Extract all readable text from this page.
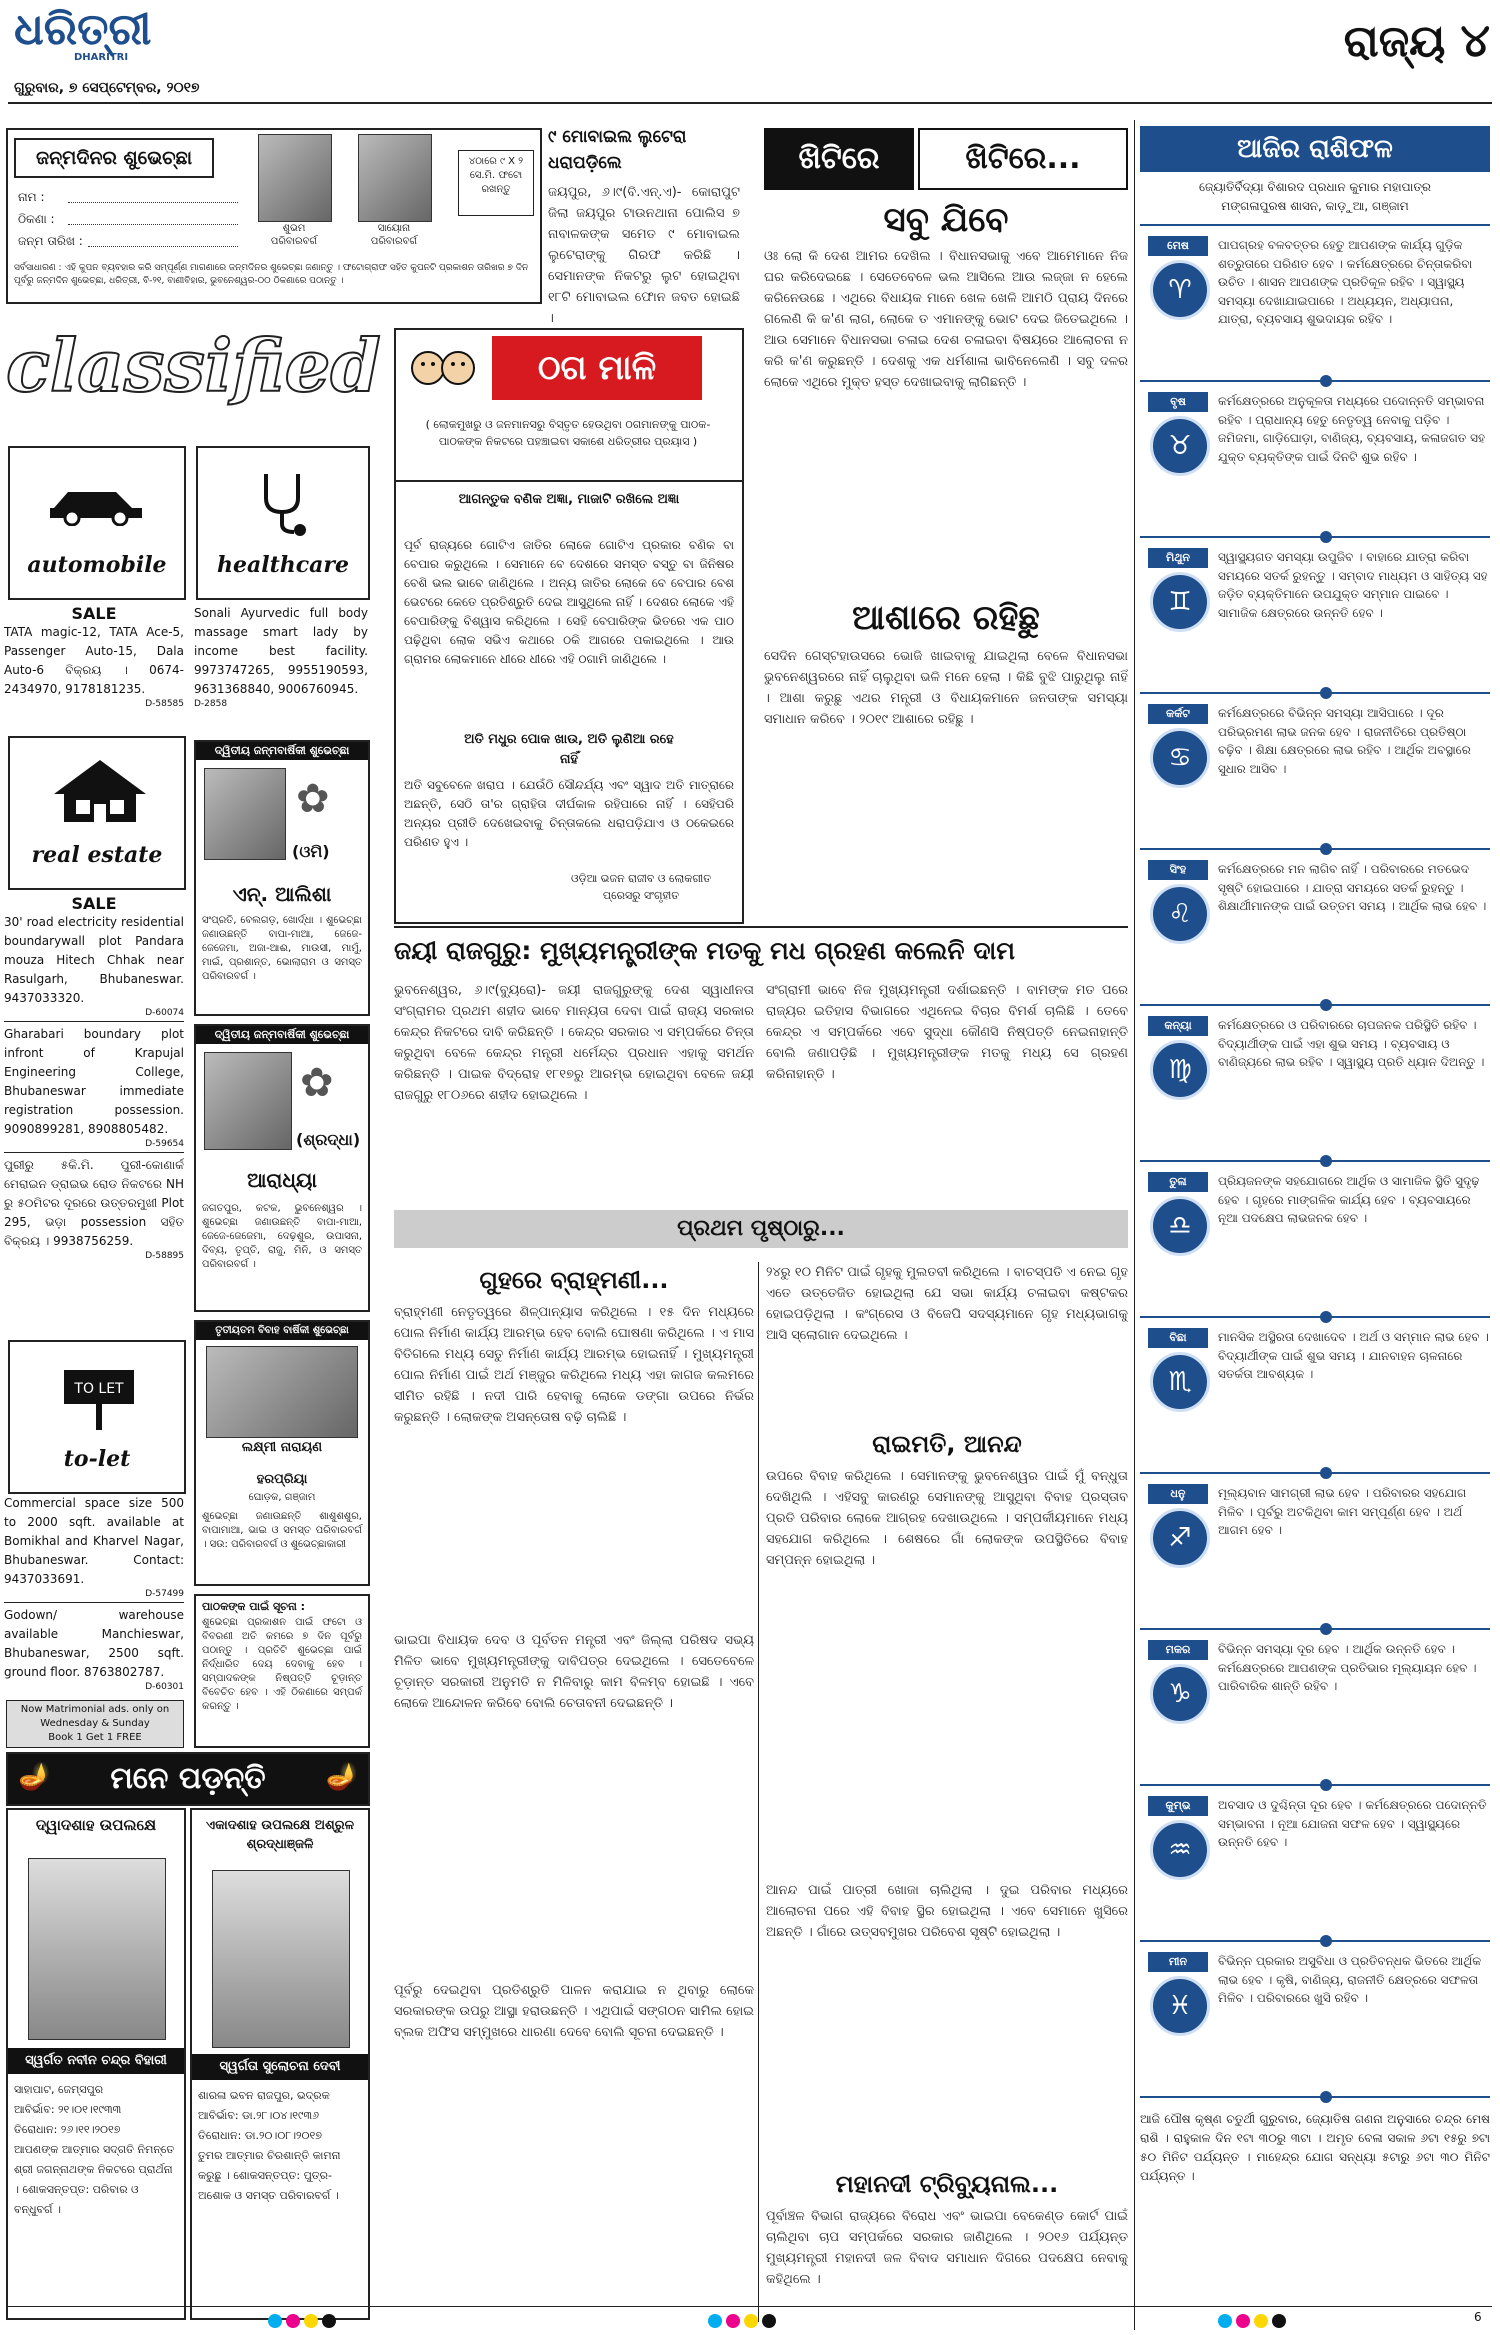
ଧରିତ୍ରୀ
DHARITRI
ଗୁରୁବାର, ୭ ସେପ୍ଟେମ୍ବର, ୨୦୧୭
ରାଜ୍ୟ ୪
ଜନ୍ମଦିନର ଶୁଭେଚ୍ଛା
ନାମ :
ଠିକଣା :
ଜନ୍ମ ତାରିଖ :
ଶୁଭମ
ପରିବାରବର୍ଗ
ସାୟୋନା
ପରିବାରବର୍ଗ
୪ଠାରେ ୯ X ୨ ସେ.ମି. ଫଟୋ ରଖନ୍ତୁ
ସର୍ବସାଧାରଣ : ଏହି କୁପନ ବ୍ୟବହାର କରି ସମ୍ପୂର୍ଣ୍ଣ ମାଗଣାରେ ଜନ୍ମଦିନର ଶୁଭେଚ୍ଛା ଜଣାନ୍ତୁ । ଫଟୋଗ୍ରାଫ ସହିତ କୁପନଟି ପ୍ରକାଶନ ତାରିଖର ୭ ଦିନ ପୂର୍ବରୁ ଜନ୍ମଦିନ ଶୁଭେଚ୍ଛା, ଧରିତ୍ରୀ, ବି-୨୧, ବାଣୀବିହାର, ଭୁବନେଶ୍ୱର-୦୦ ଠିକଣାରେ ପଠାନ୍ତୁ ।
୯ ମୋବାଇଲ ଲୁଟେରା ଧରାପଡ଼ିଲେ
ଜୟପୁର, ୬।୯(ବି.ଏନ୍.ଏ)- କୋରାପୁଟ ଜିଲା ଜୟପୁର ଟାଉନଥାନା ପୋଲିସ ୭ ନାବାଳକଙ୍କ ସମେତ ୯ ମୋବାଇଲ ଲୁଟେରାଙ୍କୁ ଗିରଫ କରିଛି । ସେମାନଙ୍କ ନିକଟରୁ ଲୁଟ ହୋଇଥିବା ୧୮ଟି ମୋବାଇଲ ଫୋନ ଜବତ ହୋଇଛି ।
classified
automobile	healthcare
SALE
TATA magic-12, TATA Ace-5, Passenger Auto-15, Dala Auto-6 ବିକ୍ରୟ । 0674-2434970, 9178181235.
D-58585
Sonali Ayurvedic full body massage smart lady by income best facility. 9973747265, 9955190593, 9631368840, 9006760945.
D-2858
real estate
SALE
30' road electricity residential boundarywall plot Pandara mouza Hitech Chhak near Rasulgarh, Bhubaneswar. 9437033320.
D-60074
Gharabari boundary plot infront of Krapujal Engineering College, Bhubaneswar immediate registration possession. 9090899281, 8908805482.
D-59654
ପୁରୀରୁ ୫କି.ମି. ପୁରୀ-କୋଣାର୍କ ମେରାଇନ ଡ୍ରାଇଭ ରୋଡ ନିକଟରେ NH ରୁ ୫୦ମିଟର ଦୂରରେ ଉତ୍ତରମୁଖୀ Plot 295, ଭଡ଼ା possession ସହିତ ବିକ୍ରୟ । 9938756259.
D-58895
TO LET
to-let
Commercial space size 500 to 2000 sqft. available at Bomikhal and Kharvel Nagar, Bhubaneswar. Contact: 9437033691.
D-57499
Godown/ warehouse available Manchieswar, Bhubaneswar, 2500 sqft. ground floor. 8763802787.
D-60301
Now Matrimonial ads. only on Wednesday & Sunday
Book 1 Get 1 FREE
ଦ୍ୱିତୀୟ ଜନ୍ମବାର୍ଷିକୀ ଶୁଭେଚ୍ଛା
✿
(ଓମି)
ଏନ୍. ଆଲିଶା
ସଂପ୍ରତି, ବେଲଗଡ଼, ଖୋର୍ଦ୍ଧା । ଶୁଭେଚ୍ଛା ଜଣାଉଛନ୍ତି ବାପା-ମାଆ, ଜେଜେ-ଜେଜେମା, ଅଜା-ଆଈ, ମାଉସୀ, ମାମୁଁ, ମାଇଁ, ପ୍ରଶାନ୍ତ, ଭୋଲାରାମ ଓ ସମସ୍ତ ପରିବାରବର୍ଗ ।
ଦ୍ୱିତୀୟ ଜନ୍ମବାର୍ଷିକୀ ଶୁଭେଚ୍ଛା
✿
(ଶ୍ରଦ୍ଧା)
ଆରାଧ୍ୟା
ଜଗତପୁର, କଟକ, ଭୁବନେଶ୍ୱର । ଶୁଭେଚ୍ଛା ଜଣାଉଛନ୍ତି ବାପା-ମାଆ, ଜେଜେ-ଜେଜେମା, ଦେଢ଼ଶୁର, ଉପାସନା, ଦିବ୍ୟ, ତୃପ୍ତି, ରାଜୁ, ମିନି, ଓ ସମସ୍ତ ପରିବାରବର୍ଗ ।
ତୃତୀୟତମ ବିବାହ ବାର୍ଷିକୀ ଶୁଭେଚ୍ଛା
ଲକ୍ଷ୍ମୀ ନାରାୟଣ
ହରପ୍ରିୟା
ଘୋଡ଼କ, ଗଞ୍ଜାମ
ଶୁଭେଚ୍ଛା ଜଣାଉଛନ୍ତି ଶାଶୁଶଶୁର, ବାପାମାଆ, ଭାଇ ଓ ସମସ୍ତ ପରିବାରବର୍ଗ । ସଉ: ପରିବାରବର୍ଗ ଓ ଶୁଭେଚ୍ଛାକାରୀ
ପାଠକଙ୍କ ପାଇଁ ସୂଚନା :
ଶୁଭେଚ୍ଛା ପ୍ରକାଶନ ପାଇଁ ଫଟୋ ଓ ବିବରଣୀ ଅତି କମରେ ୭ ଦିନ ପୂର୍ବରୁ ପଠାନ୍ତୁ । ପ୍ରତିଟି ଶୁଭେଚ୍ଛା ପାଇଁ ନିର୍ଦ୍ଧାରିତ ଦେୟ ଦେବାକୁ ହେବ । ସମ୍ପାଦକଙ୍କ ନିଷ୍ପତ୍ତି ଚୂଡ଼ାନ୍ତ ବିବେଚିତ ହେବ । ଏହି ଠିକଣାରେ ସମ୍ପର୍କ କରନ୍ତୁ ।
🪔	ମନେ ପଡ଼ନ୍ତି	🪔
ଦ୍ୱାଦଶାହ ଉପଲକ୍ଷେ
ସ୍ୱର୍ଗତ ନବୀନ ଚନ୍ଦ୍ର ବିହାରୀ
ସାହାପାଟ, ଜେମ୍ସପୁର
ଆବିର୍ଭାବ: ୨୧।୦୧।୧୯୩୩
ତିରୋଧାନ: ୨୬।୧୧।୨୦୧୭
ଆପଣଙ୍କ ଆତ୍ମାର ସଦ୍‌ଗତି ନିମନ୍ତେ ଶ୍ରୀ ଜଗନ୍ନାଥଙ୍କ ନିକଟରେ ପ୍ରାର୍ଥନା । ଶୋକସନ୍ତପ୍ତ: ପରିବାର ଓ ବନ୍ଧୁବର୍ଗ ।
ଏକାଦଶାହ ଉପଲକ୍ଷେ ଅଶ୍ରୁଳ ଶ୍ରଦ୍ଧାଞ୍ଜଳି
ସ୍ୱର୍ଗତା ସୁଲୋଚନା ଦେବୀ
ଶାରଳା ଭବନ ରାଜପୁର, ଭଦ୍ରକ
ଆବିର୍ଭାବ: ଡା.୨୮।୦୪।୧୯୩୬
ତିରୋଧାନ: ଡା.୨୦।୦୮।୨୦୧୭
ତୁମର ଆତ୍ମାର ଚିରଶାନ୍ତି କାମନା କରୁଛୁ । ଶୋକସନ୍ତପ୍ତ: ପୁତ୍ର-ଅଶୋକ ଓ ସମସ୍ତ ପରିବାରବର୍ଗ ।
ଠଗ ମାଳି
( ଲୋକମୁଖରୁ ଓ ଜନମାନସରୁ ବିସ୍ତୃତ ହେଉଥିବା ଠଗମାନଙ୍କୁ ପାଠକ-ପାଠକଙ୍କ ନିକଟରେ ପହଞ୍ଚାଇବା ସକାଶେ ଧରିତ୍ରୀର ପ୍ରୟାସ )
ଆଗନ୍ତୁକ ବଣିକ ଅଜ୍ଞା, ମାଜାଟି ରଖିଲେ ଅଜ୍ଞା
ପୂର୍ବ ରାଜ୍ୟରେ ଗୋଟିଏ ଜାତିର ଲୋକେ ଗୋଟିଏ ପ୍ରକାର ବଣିକ ବା ବେପାର କରୁଥିଲେ । ସେମାନେ ବେ ଦେଶରେ ସମସ୍ତ ବସ୍ତୁ ବା ଜିନିଷର ବେଶି ଭଲ ଭାବେ ଜାଣିଥିଲେ । ଅନ୍ୟ ଜାତିର ଲୋକେ ବେ ବେପାର ବେଶ ଭେଟରେ କେତେ ପ୍ରତିଶ୍ରୁତି ଦେଇ ଆସୁଥିଲେ ନାହିଁ । ଦେଶର ଲୋକେ ଏହି ବେପାରିଙ୍କୁ ବିଶ୍ୱାସ କରିଥିଲେ । ସେହି ବେପାରିଙ୍କ ଭିତରେ ଏକ ପାଠ ପଢ଼ିଥିବା ଲୋକ ସଭିଏ କଥାରେ ଠକି ଆଗରେ ପକାଇଥିଲେ । ଆଉ ଗ୍ରାମର ଲୋକମାନେ ଧୀରେ ଧୀରେ ଏହି ଠଗାମି ଜାଣିଥିଲେ ।
ଅତି ମଧୁର ପୋକ ଖାଉ, ଅତି ଲୁଣିଆ ରହେ ନାହିଁ
ଅତି ସବୁବେଳେ ଖରାପ । ଯେଉଁଠି ସୌନ୍ଦର୍ଯ୍ୟ ଏବଂ ସ୍ୱାଦ ଅତି ମାତ୍ରାରେ ଅଛନ୍ତି, ସେଠି ତା'ର ଗ୍ରାହିତା ଦୀର୍ଘକାଳ ରହିପାରେ ନାହିଁ । ସେହିପରି ଅନ୍ୟର ପ୍ରୀତି ଦେଖେଇବାକୁ ଚିନ୍ତାକଲେ ଧରାପଡ଼ିଯାଏ ଓ ଠକେଇରେ ପରିଣତ ହୁଏ ।
ଓଡ଼ିଆ ଭଜନ ରାଜୀବ ଓ ଲୋକଗୀତ
ପ୍ରେସରୁ ସଂଗୃହୀତ
ଖିଟିରେ	ଖିଟିରେ...
ସବୁ ଯିବେ
ଓଃ ଲୋ କି ଦେଶ ଆମର ଦେଖିଲ । ବିଧାନସଭାକୁ ଏବେ ଆମେମାନେ ନିଜ ଘର କରିଦେଇଛେ । ସେତେବେଳେ ଭଲ ଆସିଲେ ଆଉ ଲଜ୍ଜା ନ ହେଲେ କରିନେଉଛେ । ଏଥିରେ ବିଧାୟକ ମାନେ ଖେଳ ଖେଳି ଆମଠି ପ୍ରାୟ ଦିନରେ ଗଲେଣି କି କ'ଣ ଲାଗ, ଲୋକେ ତ ଏମାନଙ୍କୁ ଭୋଟ ଦେଇ ଜିତେଇଥିଲେ । ଆଉ ସେମାନେ ବିଧାନସଭା ଚଳାଇ ଦେଶ ଚଳାଇବା ବିଷୟରେ ଆଲୋଚନା ନ କରି କ'ଣ କରୁଛନ୍ତି । ଦେଶକୁ ଏକ ଧର୍ମଶାଳା ଭାବିନେଲେଣି । ସବୁ ଦଳର ଲୋକେ ଏଥିରେ ମୁକ୍ତ ହସ୍ତ ଦେଖାଇବାକୁ ଲାଗିଛନ୍ତି ।
ଆଶାରେ ରହିଛୁ
ସେଦିନ ଗେସ୍ଟହାଉସରେ ଭୋଜି ଖାଇବାକୁ ଯାଇଥିଲା ବେଳେ ବିଧାନସଭା ଭୁବନେଶ୍ୱରରେ ନାହିଁ ଚାଲୁଥିବା ଭଳି ମନେ ହେଲା । କିଛି ବୁଝି ପାରୁଥିଲୁ ନାହିଁ । ଆଶା କରୁଛୁ ଏଥର ମନ୍ତ୍ରୀ ଓ ବିଧାୟକମାନେ ଜନତାଙ୍କ ସମସ୍ୟା ସମାଧାନ କରିବେ । ୨୦୧୯ ଆଶାରେ ରହିଛୁ ।
ଜୟୀ ରାଜଗୁରୁ: ମୁଖ୍ୟମନ୍ତ୍ରୀଙ୍କ ମତକୁ ମଧ ଗ୍ରହଣ କଲେନି ଦାମ
ଭୁବନେଶ୍ୱର, ୬।୯(ବ୍ୟୁରୋ)- ଜୟୀ ରାଜଗୁରୁଙ୍କୁ ଦେଶ ସ୍ୱାଧୀନତା ସଂଗ୍ରାମର ପ୍ରଥମ ଶହୀଦ ଭାବେ ମାନ୍ୟତା ଦେବା ପାଇଁ ରାଜ୍ୟ ସରକାର କେନ୍ଦ୍ର ନିକଟରେ ଦାବି କରିଛନ୍ତି । କେନ୍ଦ୍ର ସରକାର ଏ ସମ୍ପର୍କରେ ଚିନ୍ତା କରୁଥିବା ବେଳେ କେନ୍ଦ୍ର ମନ୍ତ୍ରୀ ଧର୍ମେନ୍ଦ୍ର ପ୍ରଧାନ ଏହାକୁ ସମର୍ଥନ କରିଛନ୍ତି । ପାଇକ ବିଦ୍ରୋହ ୧୮୧୭ରୁ ଆରମ୍ଭ ହୋଇଥିବା ବେଳେ ଜୟୀ ରାଜଗୁରୁ ୧୮୦୬ରେ ଶହୀଦ ହୋଇଥିଲେ ।
ସଂଗ୍ରାମୀ ଭାବେ ନିଜ ମୁଖ୍ୟମନ୍ତ୍ରୀ ଦର୍ଶାଇଛନ୍ତି । ବାମଙ୍କ ମତ ପରେ ରାଜ୍ୟର ଇତିହାସ ବିଭାଗରେ ଏଥିନେଇ ବିଚାର ବିମର୍ଶ ଚାଲିଛି । ତେବେ କେନ୍ଦ୍ର ଏ ସମ୍ପର୍କରେ ଏବେ ସୁଦ୍ଧା କୌଣସି ନିଷ୍ପତ୍ତି ନେଇନାହାନ୍ତି ବୋଲି ଜଣାପଡ଼ିଛି । ମୁଖ୍ୟମନ୍ତ୍ରୀଙ୍କ ମତକୁ ମଧ୍ୟ ସେ ଗ୍ରହଣ କରିନାହାନ୍ତି ।
ପ୍ରଥମ ପୃଷ୍ଠାରୁ...
ଗୁହରେ ବ୍ରାହ୍ମଣୀ...
ବ୍ରାହ୍ମଣୀ ନେତୃତ୍ୱରେ ଶିଳ୍ପାନ୍ୟାସ କରିଥିଲେ । ୧୫ ଦିନ ମଧ୍ୟରେ ପୋଲ ନିର୍ମାଣ କାର୍ଯ୍ୟ ଆରମ୍ଭ ହେବ ବୋଲି ଘୋଷଣା କରିଥିଲେ । ଏ ମାସ ବିତିଗଲେ ମଧ୍ୟ ସେତୁ ନିର୍ମାଣ କାର୍ଯ୍ୟ ଆରମ୍ଭ ହୋଇନାହିଁ । ମୁଖ୍ୟମନ୍ତ୍ରୀ ପୋଲ ନିର୍ମାଣ ପାଇଁ ଅର୍ଥ ମଞ୍ଜୁର କରିଥିଲେ ମଧ୍ୟ ଏହା କାଗଜ କଲମରେ ସୀମିତ ରହିଛି । ନଦୀ ପାରି ହେବାକୁ ଲୋକେ ଡଙ୍ଗା ଉପରେ ନିର୍ଭର କରୁଛନ୍ତି । ଲୋକଙ୍କ ଅସନ୍ତୋଷ ବଢ଼ି ଚାଲିଛି ।
ଭାଇପା ବିଧାୟକ ଦେବ ଓ ପୂର୍ବତନ ମନ୍ତ୍ରୀ ଏବଂ ଜିଲ୍ଲା ପରିଷଦ ସଭ୍ୟ ମିଳିତ ଭାବେ ମୁଖ୍ୟମନ୍ତ୍ରୀଙ୍କୁ ଦାବିପତ୍ର ଦେଇଥିଲେ । ସେତେବେଳେ ଚୂଡ଼ାନ୍ତ ସରକାରୀ ଅନୁମତି ନ ମିଳିବାରୁ କାମ ବିଳମ୍ବ ହୋଇଛି । ଏବେ ଲୋକେ ଆନ୍ଦୋଳନ କରିବେ ବୋଲି ଚେତାବନୀ ଦେଇଛନ୍ତି ।
ପୂର୍ବରୁ ଦେଇଥିବା ପ୍ରତିଶ୍ରୁତି ପାଳନ କରାଯାଇ ନ ଥିବାରୁ ଲୋକେ ସରକାରଙ୍କ ଉପରୁ ଆସ୍ଥା ହରାଉଛନ୍ତି । ଏଥିପାଇଁ ସଙ୍ଗଠନ ସାମିଲ ହୋଇ ବ୍ଲକ ଅଫିସ ସମ୍ମୁଖରେ ଧାରଣା ଦେବେ ବୋଲି ସୂଚନା ଦେଇଛନ୍ତି ।
୨୪ରୁ ୧୦ ମିନିଟ ପାଇଁ ଗୃହକୁ ମୁଲତବୀ କରିଥିଲେ । ବାଚସ୍ପତି ଏ ନେଇ ଗୃହ ଏତେ ଉତ୍ତେଜିତ ହୋଇଥିଲା ଯେ ସଭା କାର୍ଯ୍ୟ ଚଳାଇବା କଷ୍ଟକର ହୋଇପଡ଼ିଥିଲା । କଂଗ୍ରେସ ଓ ବିଜେପି ସଦସ୍ୟମାନେ ଗୃହ ମଧ୍ୟଭାଗକୁ ଆସି ସ୍ଲୋଗାନ ଦେଇଥିଲେ ।
ରାଇମତି, ଆନନ୍ଦ
ଉପରେ ବିବାହ କରିଥିଲେ । ସେମାନଙ୍କୁ ଭୁବନେଶ୍ୱର ପାଇଁ ମୁଁ ବନ୍ଧୁତା ଦେଖିଥିଲି । ଏହିସବୁ କାରଣରୁ ସେମାନଙ୍କୁ ଆସୁଥିବା ବିବାହ ପ୍ରସ୍ତାବ ପ୍ରତି ପରିବାର ଲୋକେ ଆଗ୍ରହ ଦେଖାଉଥିଲେ । ସମ୍ପର୍କୀୟମାନେ ମଧ୍ୟ ସହଯୋଗ କରିଥିଲେ । ଶେଷରେ ଗାଁ ଲୋକଙ୍କ ଉପସ୍ଥିତିରେ ବିବାହ ସମ୍ପନ୍ନ ହୋଇଥିଲା ।
ଆନନ୍ଦ ପାଇଁ ପାତ୍ରୀ ଖୋଜା ଚାଲିଥିଲା । ଦୁଇ ପରିବାର ମଧ୍ୟରେ ଆଲୋଚନା ପରେ ଏହି ବିବାହ ସ୍ଥିର ହୋଇଥିଲା । ଏବେ ସେମାନେ ଖୁସିରେ ଅଛନ୍ତି । ଗାଁରେ ଉତ୍ସବମୁଖର ପରିବେଶ ସୃଷ୍ଟି ହୋଇଥିଲା ।
ମହାନଦୀ ଟ୍ରିବ୍ୟୁନାଲ...
ପୂର୍ବାଞ୍ଚଳ ବିଭାଗ ରାଜ୍ୟରେ ବିରୋଧ ଏବଂ ଭାଇପା ବେକେଣ୍ଡ କୋର୍ଟ ପାଇଁ ଚାଲିଥିବା ଚାପ ସମ୍ପର୍କରେ ସରକାର ଜାଣିଥିଲେ । ୨୦୧୬ ପର୍ଯ୍ୟନ୍ତ ମୁଖ୍ୟମନ୍ତ୍ରୀ ମହାନଦୀ ଜଳ ବିବାଦ ସମାଧାନ ଦିଗରେ ପଦକ୍ଷେପ ନେବାକୁ କହିଥିଲେ ।
ଆଜିର ରାଶିଫଳ
ଜ୍ୟୋତିର୍ବିଦ୍ୟା ବିଶାରଦ ପ୍ରଧାନ କୁମାର ମହାପାତ୍ର
ମଙ୍ଗଳାପୁରଷ ଶାସନ, କାଡ଼ୁଆ, ଗଞ୍ଜାମ
ମେଷ
♈
ପାପଗ୍ରହ ବଳବତ୍ତର ହେତୁ ଆପଣଙ୍କ କାର୍ଯ୍ୟ ଗୁଡ଼ିକ ଶତ୍ରୁତାରେ ପରିଣତ ହେବ । କର୍ମକ୍ଷେତ୍ରରେ ଚିନ୍ତାକରିବା ଉଚିତ । ଶାସନ ଆପଣଙ୍କ ପ୍ରତିକୂଳ ରହିବ । ସ୍ୱାସ୍ଥ୍ୟ ସମସ୍ୟା ଦେଖାଯାଇପାରେ । ଅଧ୍ୟୟନ, ଅଧ୍ୟାପନା, ଯାତ୍ରା, ବ୍ୟବସାୟ ଶୁଭଦାୟକ ରହିବ ।
ବୃଷ
♉
କର୍ମକ୍ଷେତ୍ରରେ ଅନୁକୂଳତା ମଧ୍ୟରେ ପଦୋନ୍ନତି ସମ୍ଭାବନା ରହିବ । ପ୍ରାଧାନ୍ୟ ହେତୁ ନେତୃତ୍ୱ ନେବାକୁ ପଡ଼ିବ । ଜମିଜମା, ଗାଡ଼ିଘୋଡ଼ା, ବାଣିଜ୍ୟ, ବ୍ୟବସାୟ, କଳାଜଗତ ସହ ଯୁକ୍ତ ବ୍ୟକ୍ତିଙ୍କ ପାଇଁ ଦିନଟି ଶୁଭ ରହିବ ।
ମିଥୁନ
♊
ସ୍ୱାସ୍ଥ୍ୟଗତ ସମସ୍ୟା ଉପୁଜିବ । ବାହାରେ ଯାତ୍ରା କରିବା ସମୟରେ ସତର୍କ ରୁହନ୍ତୁ । ସମ୍ବାଦ ମାଧ୍ୟମ ଓ ସାହିତ୍ୟ ସହ ଜଡ଼ିତ ବ୍ୟକ୍ତିମାନେ ଉପଯୁକ୍ତ ସମ୍ମାନ ପାଇବେ । ସାମାଜିକ କ୍ଷେତ୍ରରେ ଉନ୍ନତି ହେବ ।
କର୍କଟ
♋
କର୍ମକ୍ଷେତ୍ରରେ ବିଭିନ୍ନ ସମସ୍ୟା ଆସିପାରେ । ଦୂର ପରିଭ୍ରମଣ ଲାଭ ଜନକ ହେବ । ରାଜନୀତିରେ ପ୍ରତିଷ୍ଠା ବଢ଼ିବ । ଶିକ୍ଷା କ୍ଷେତ୍ରରେ ଲାଭ ରହିବ । ଆର୍ଥିକ ଅବସ୍ଥାରେ ସୁଧାର ଆସିବ ।
ସିଂହ
♌
କର୍ମକ୍ଷେତ୍ରରେ ମନ ଲାଗିବ ନାହିଁ । ପରିବାରରେ ମତଭେଦ ସୃଷ୍ଟି ହୋଇପାରେ । ଯାତ୍ରା ସମୟରେ ସତର୍କ ରୁହନ୍ତୁ । ଶିକ୍ଷାର୍ଥୀମାନଙ୍କ ପାଇଁ ଉତ୍ତମ ସମୟ । ଆର୍ଥିକ ଲାଭ ହେବ ।
କନ୍ୟା
♍
କର୍ମକ୍ଷେତ୍ରରେ ଓ ପରିବାରରେ ଚାପଜନକ ପରିସ୍ଥିତି ରହିବ । ବିଦ୍ୟାର୍ଥୀଙ୍କ ପାଇଁ ଏହା ଶୁଭ ସମୟ । ବ୍ୟବସାୟ ଓ ବାଣିଜ୍ୟରେ ଲାଭ ରହିବ । ସ୍ୱାସ୍ଥ୍ୟ ପ୍ରତି ଧ୍ୟାନ ଦିଅନ୍ତୁ ।
ତୁଳା
♎
ପ୍ରିୟଜନଙ୍କ ସହଯୋଗରେ ଆର୍ଥିକ ଓ ସାମାଜିକ ସ୍ଥିତି ସୁଦୃଢ଼ ହେବ । ଗୃହରେ ମାଙ୍ଗଳିକ କାର୍ଯ୍ୟ ହେବ । ବ୍ୟବସାୟରେ ନୂଆ ପଦକ୍ଷେପ ଲାଭଜନକ ହେବ ।
ବିଛା
♏
ମାନସିକ ଅସ୍ଥିରତା ଦେଖାଦେବ । ଅର୍ଥ ଓ ସମ୍ମାନ ଲାଭ ହେବ । ବିଦ୍ୟାର୍ଥୀଙ୍କ ପାଇଁ ଶୁଭ ସମୟ । ଯାନବାହନ ଚାଳନାରେ ସତର୍କତା ଆବଶ୍ୟକ ।
ଧନୁ
♐
ମୂଲ୍ୟବାନ ସାମଗ୍ରୀ ଲାଭ ହେବ । ପରିବାରର ସହଯୋଗ ମିଳିବ । ପୂର୍ବରୁ ଅଟକିଥିବା କାମ ସମ୍ପୂର୍ଣ୍ଣ ହେବ । ଅର୍ଥ ଆଗମ ହେବ ।
ମକର
♑
ବିଭିନ୍ନ ସମସ୍ୟା ଦୂର ହେବ । ଆର୍ଥିକ ଉନ୍ନତି ହେବ । କର୍ମକ୍ଷେତ୍ରରେ ଆପଣଙ୍କ ପ୍ରତିଭାର ମୂଲ୍ୟାୟନ ହେବ । ପାରିବାରିକ ଶାନ୍ତି ରହିବ ।
କୁମ୍ଭ
♒
ଅବସାଦ ଓ ଦୁଶ୍ଚିନ୍ତା ଦୂର ହେବ । କର୍ମକ୍ଷେତ୍ରରେ ପଦୋନ୍ନତି ସମ୍ଭାବନା । ନୂଆ ଯୋଜନା ସଫଳ ହେବ । ସ୍ୱାସ୍ଥ୍ୟରେ ଉନ୍ନତି ହେବ ।
ମୀନ
♓
ବିଭିନ୍ନ ପ୍ରକାର ଅସୁବିଧା ଓ ପ୍ରତିବନ୍ଧକ ଭିତରେ ଆର୍ଥିକ ଲାଭ ହେବ । କୃଷି, ବାଣିଜ୍ୟ, ରାଜନୀତି କ୍ଷେତ୍ରରେ ସଫଳତା ମିଳିବ । ପରିବାରରେ ଖୁସି ରହିବ ।
ଆଜି ପୌଷ କୃଷ୍ଣ ଚତୁର୍ଥୀ ଗୁରୁବାର, ଜ୍ୟୋତିଷ ଗଣନା ଅନୁସାରେ ଚନ୍ଦ୍ର ମେଷ ରାଶି । ରାହୁକାଳ ଦିନ ୧ଟା ୩୦ରୁ ୩ଟା । ଅମୃତ ବେଳା ସକାଳ ୬ଟା ୧୫ରୁ ୭ଟା ୫୦ ମିନିଟ ପର୍ଯ୍ୟନ୍ତ । ମାହେନ୍ଦ୍ର ଯୋଗ ସନ୍ଧ୍ୟା ୫ଟାରୁ ୬ଟା ୩୦ ମିନିଟ ପର୍ଯ୍ୟନ୍ତ ।
6
